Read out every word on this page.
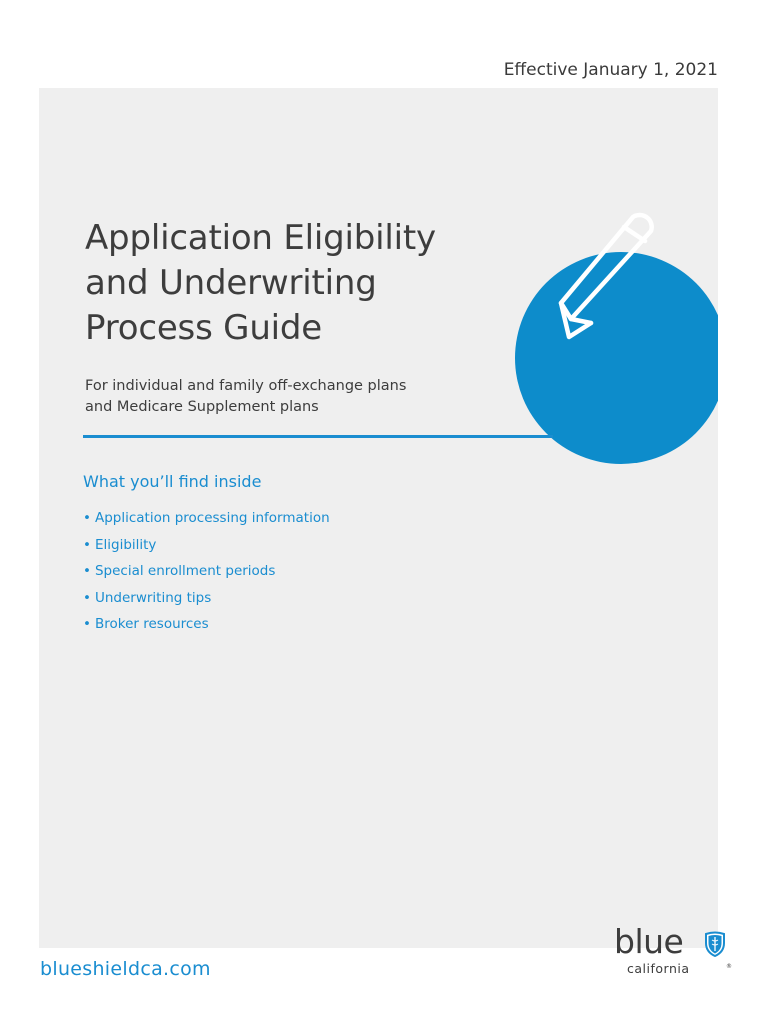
Effective January 1, 2021
Application Eligibility
and Underwriting
Process Guide
For individual and family off-exchange plans
and Medicare Supplement plans
What you’ll find inside
• Application processing information
• Eligibility
• Special enrollment periods
• Underwriting tips
• Broker resources
blueshieldca.com
blue
california	®
